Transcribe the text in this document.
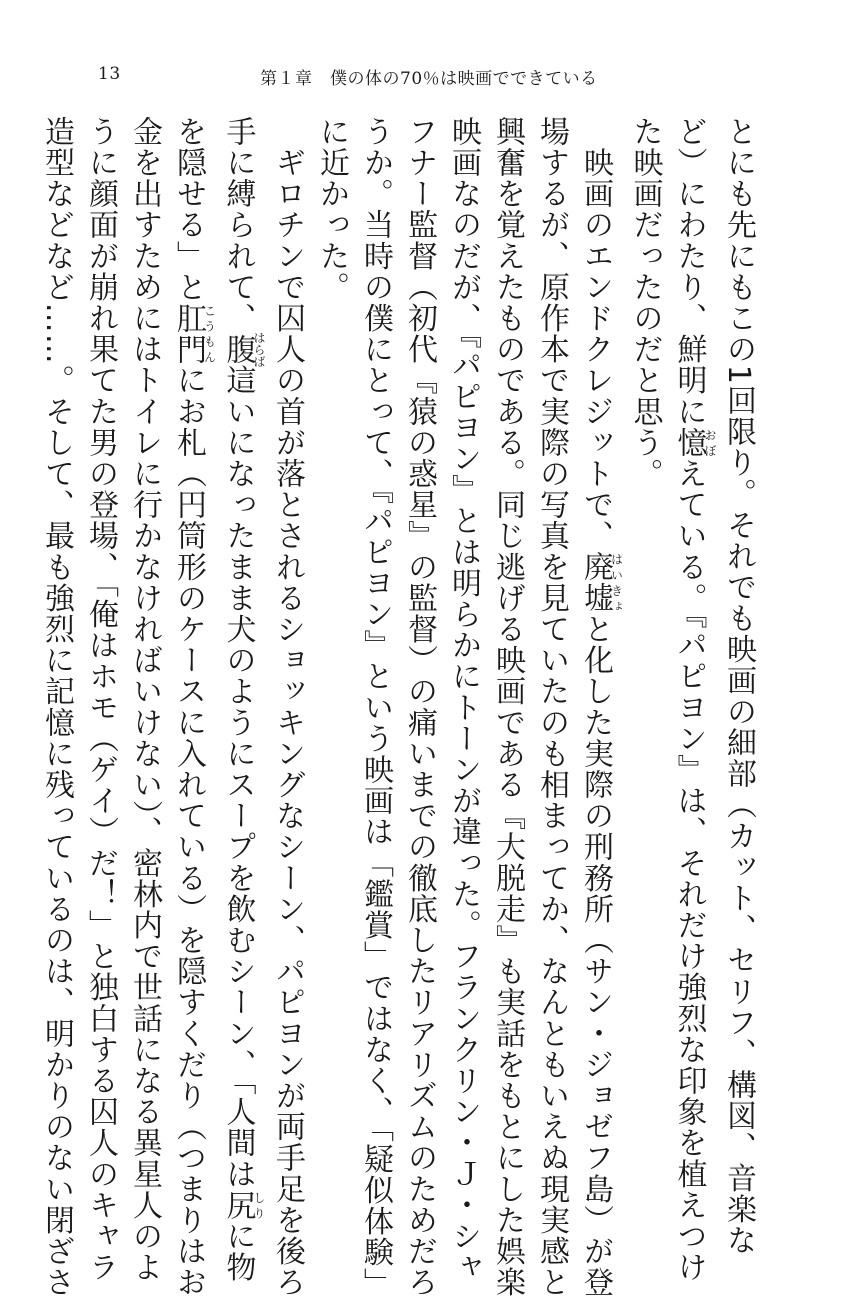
13	第１章　僕の体の70％は映画でできている

とにも先にもこの1回限り。それでも映画の細部（カット、セリフ、構図、音楽な

ど）にわたり、鮮明に憶おぼえている。『パピヨン』は、それだけ強烈な印象を植えつけ

た映画だったのだと思う。

　映画のエンドクレジットで、廃墟はいきょと化した実際の刑務所（サン・ジョゼフ島）が登

場するが、原作本で実際の写真を見ていたのも相まってか、なんともいえぬ現実感と

興奮を覚えたものである。同じ逃げる映画である『大脱走』も実話をもとにした娯楽

映画なのだが、『パピヨン』とは明らかにトーンが違った。フランクリン・Ｊ・シャ

フナー監督（初代『猿の惑星』の監督）の痛いまでの徹底したリアリズムのためだろ

うか。当時の僕にとって、『パピヨン』という映画は「鑑賞」ではなく、「疑似体験」

に近かった。

　ギロチンで囚人の首が落とされるショッキングなシーン、パピヨンが両手足を後ろ

手に縛られて、腹はらば這いになったまま犬のようにスープを飲むシーン、「人間は尻しりに物

を隠せる」と肛門こうもんにお札（円筒形のケースに入れている）を隠すくだり（つまりはお

金を出すためにはトイレに行かなければいけない）、密林内で世話になる異星人のよ

うに顔面が崩れ果てた男の登場、「俺はホモ（ゲイ）だ！」と独白する囚人のキャラ

造型などなど……。そして、最も強烈に記憶に残っているのは、明かりのない閉ざさ
